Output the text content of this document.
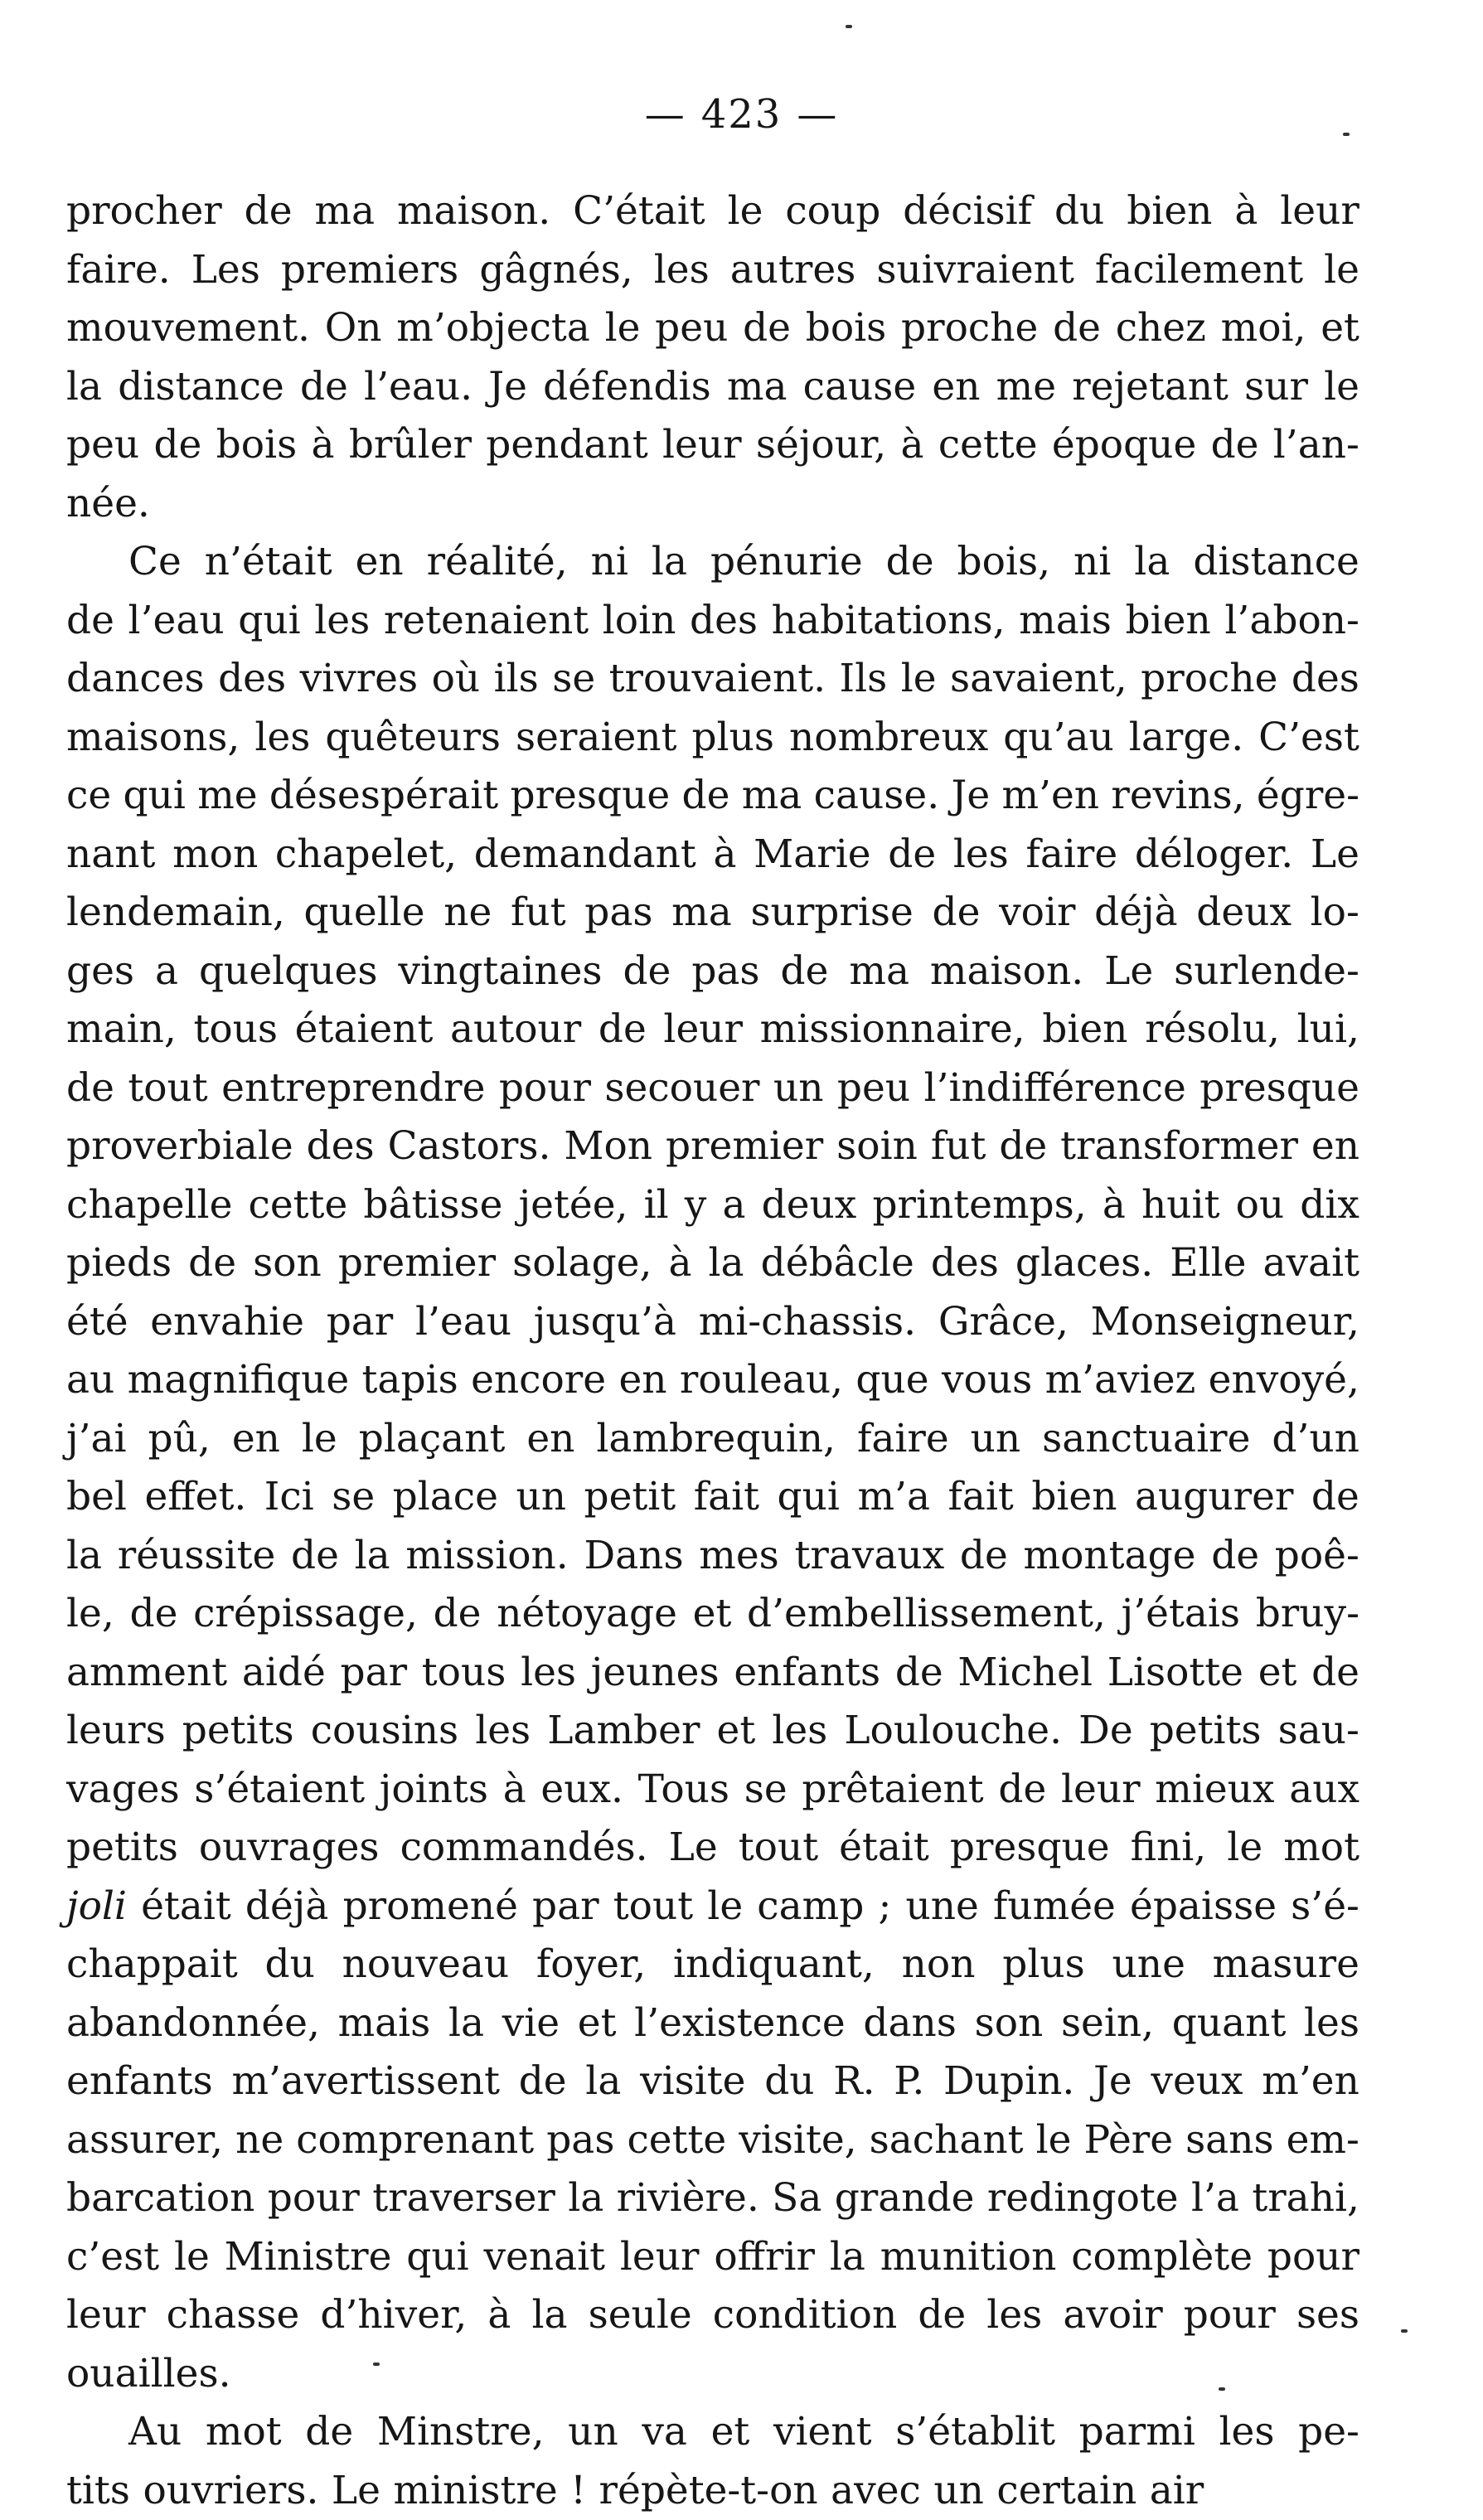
— 423 —
procher de ma maison. C’était le coup décisif du bien à leur
faire. Les premiers gâgnés, les autres suivraient facilement le
mouvement. On m’objecta le peu de bois proche de chez moi, et
la distance de l’eau. Je défendis ma cause en me rejetant sur le
peu de bois à brûler pendant leur séjour, à cette époque de l’an-
née.
Ce n’était en réalité, ni la pénurie de bois, ni la distance
de l’eau qui les retenaient loin des habitations, mais bien l’abon-
dances des vivres où ils se trouvaient. Ils le savaient, proche des
maisons, les quêteurs seraient plus nombreux qu’au large. C’est
ce qui me désespérait presque de ma cause. Je m’en revins, égre-
nant mon chapelet, demandant à Marie de les faire déloger. Le
lendemain, quelle ne fut pas ma surprise de voir déjà deux lo-
ges a quelques vingtaines de pas de ma maison. Le surlende-
main, tous étaient autour de leur missionnaire, bien résolu, lui,
de tout entreprendre pour secouer un peu l’indifférence presque
proverbiale des Castors. Mon premier soin fut de transformer en
chapelle cette bâtisse jetée, il y a deux printemps, à huit ou dix
pieds de son premier solage, à la débâcle des glaces. Elle avait
été envahie par l’eau jusqu’à mi-chassis. Grâce, Monseigneur,
au magnifique tapis encore en rouleau, que vous m’aviez envoyé,
j’ai pû, en le plaçant en lambrequin, faire un sanctuaire d’un
bel effet. Ici se place un petit fait qui m’a fait bien augurer de
la réussite de la mission. Dans mes travaux de montage de poê-
le, de crépissage, de nétoyage et d’embellissement, j’étais bruy-
amment aidé par tous les jeunes enfants de Michel Lisotte et de
leurs petits cousins les Lamber et les Loulouche. De petits sau-
vages s’étaient joints à eux. Tous se prêtaient de leur mieux aux
petits ouvrages commandés. Le tout était presque fini, le mot
joli était déjà promené par tout le camp ; une fumée épaisse s’é-
chappait du nouveau foyer, indiquant, non plus une masure
abandonnée, mais la vie et l’existence dans son sein, quant les
enfants m’avertissent de la visite du R. P. Dupin. Je veux m’en
assurer, ne comprenant pas cette visite, sachant le Père sans em-
barcation pour traverser la rivière. Sa grande redingote l’a trahi,
c’est le Ministre qui venait leur offrir la munition complète pour
leur chasse d’hiver, à la seule condition de les avoir pour ses
ouailles.
Au mot de Minstre, un va et vient s’établit parmi les pe-
tits ouvriers. Le ministre ! répète-t-on avec un certain air
